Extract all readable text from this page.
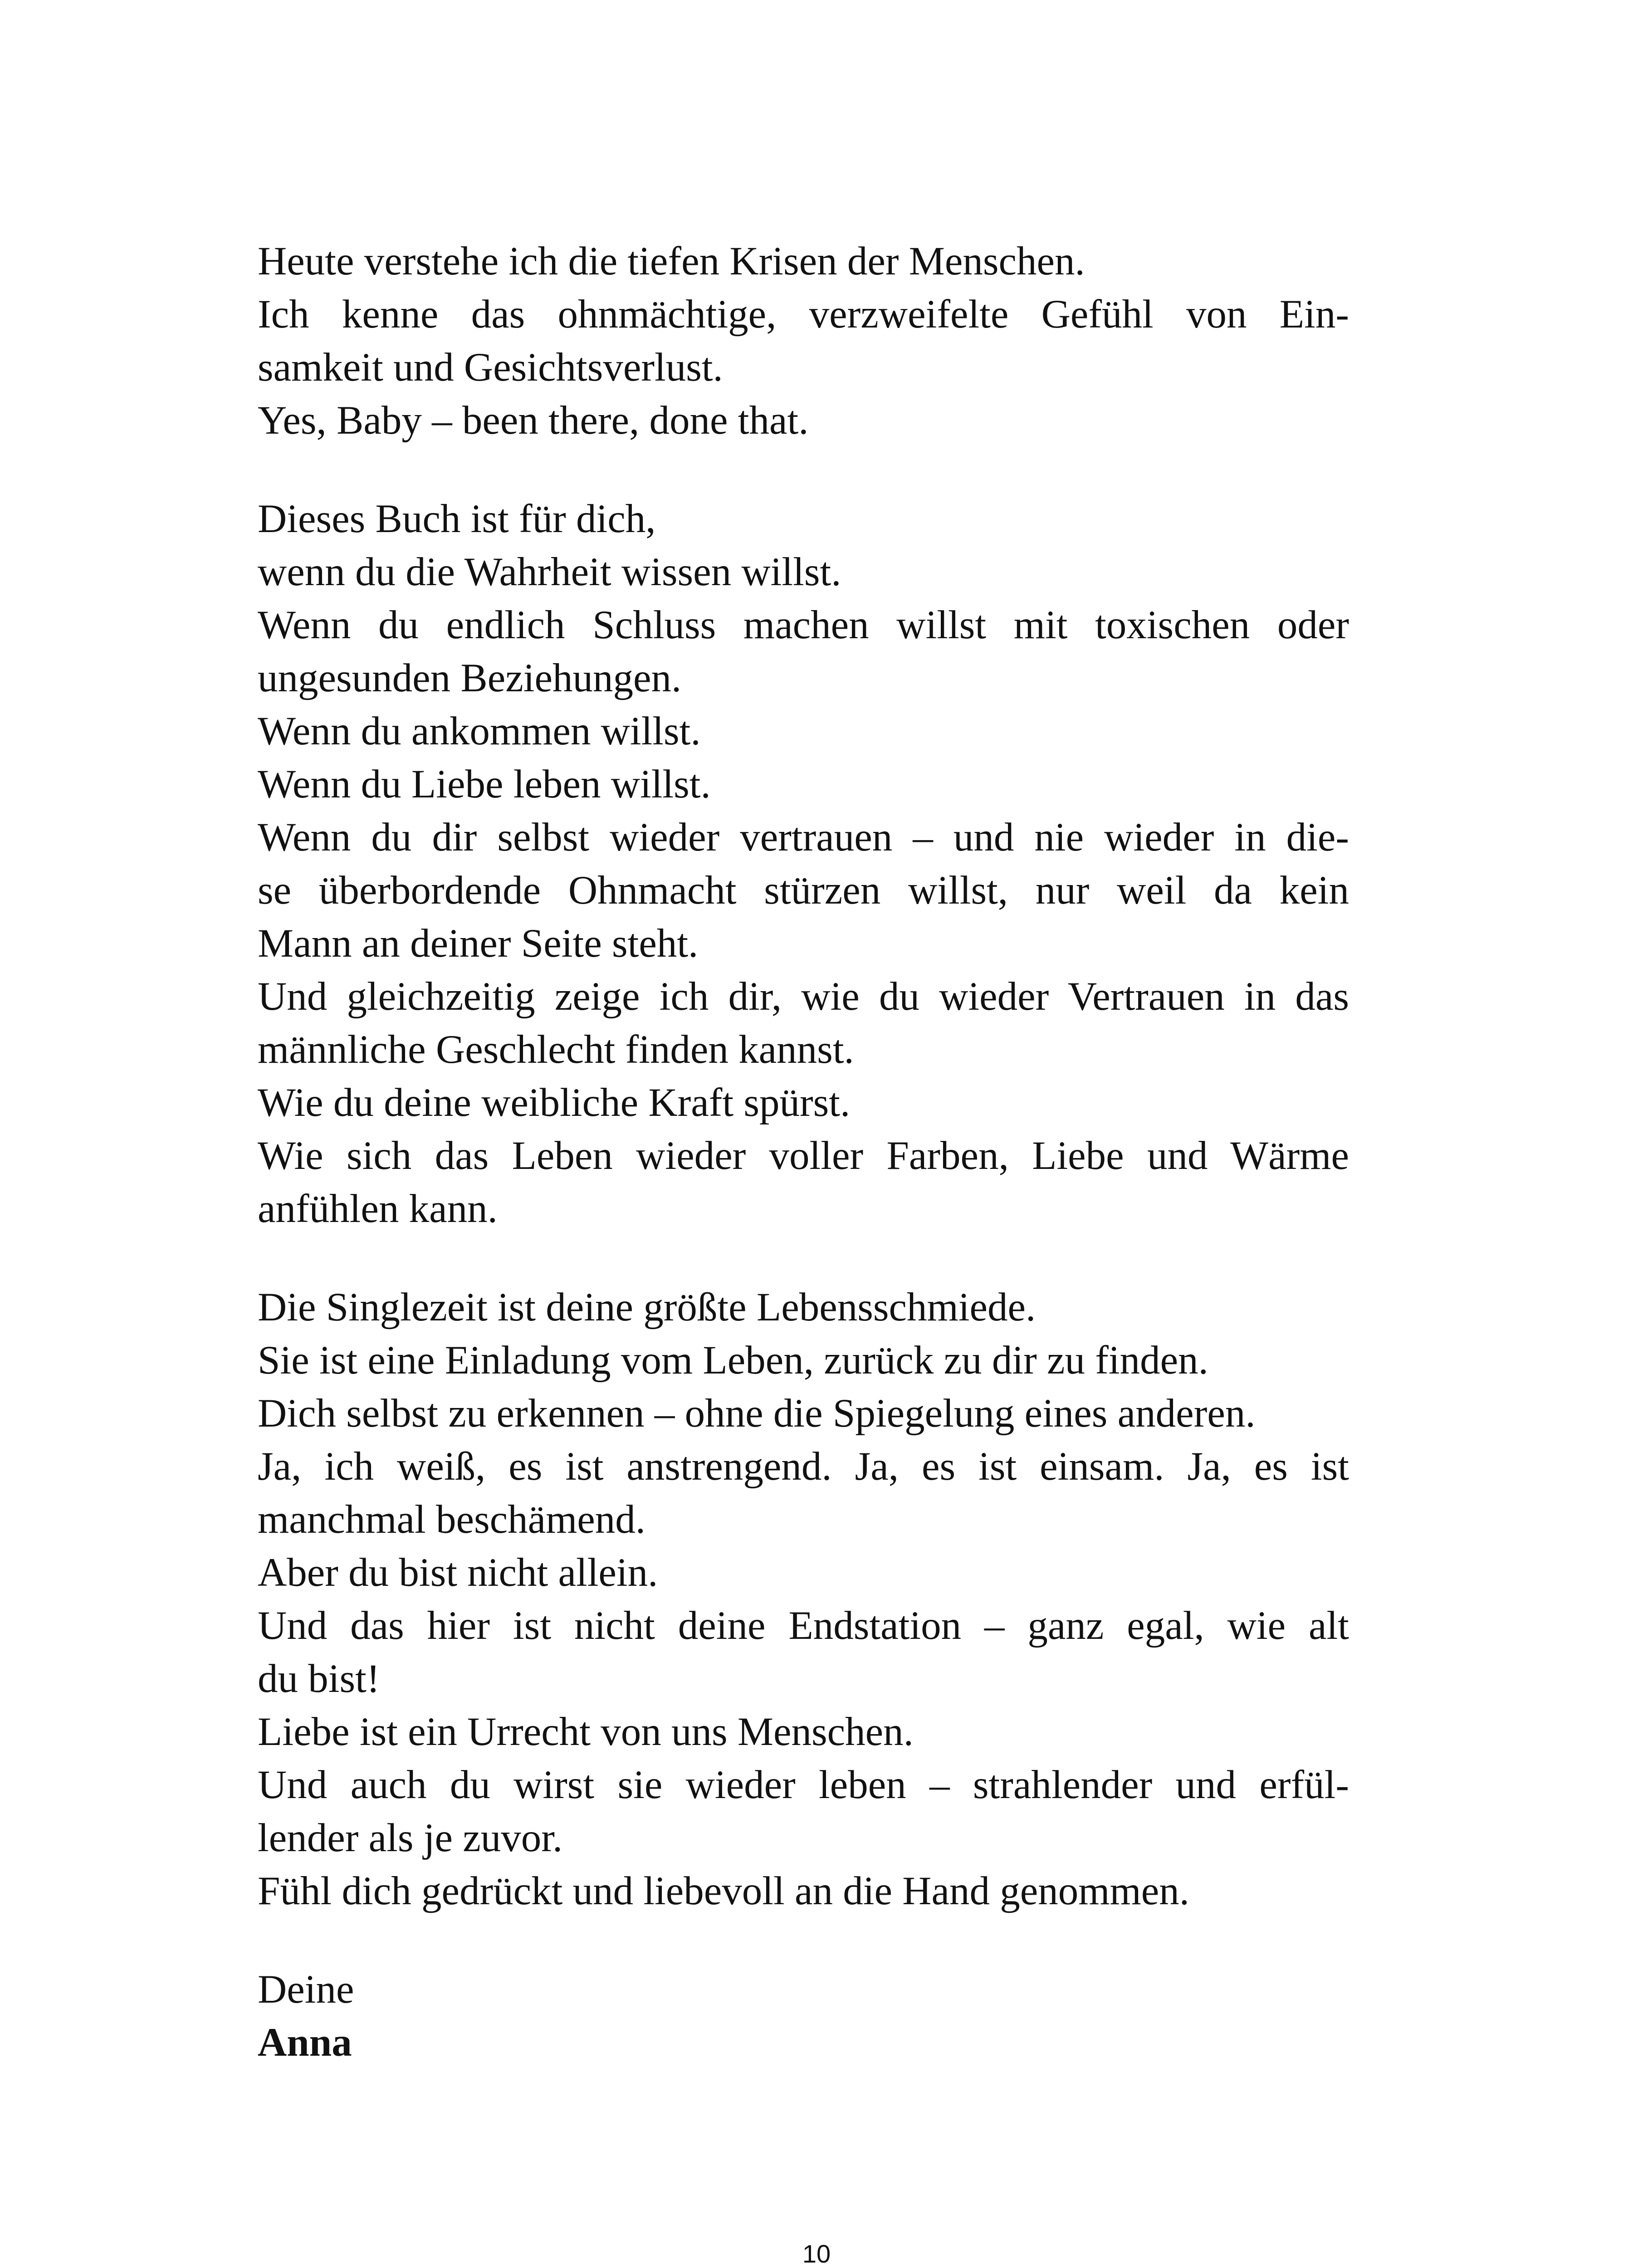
Heute verstehe ich die tiefen Krisen der Menschen.
Ich kenne das ohnmächtige, verzweifelte Gefühl von Ein-
samkeit und Gesichtsverlust.
Yes, Baby – been there, done that.
Dieses Buch ist für dich,
wenn du die Wahrheit wissen willst.
Wenn du endlich Schluss machen willst mit toxischen oder
ungesunden Beziehungen.
Wenn du ankommen willst.
Wenn du Liebe leben willst.
Wenn du dir selbst wieder vertrauen – und nie wieder in die-
se überbordende Ohnmacht stürzen willst, nur weil da kein
Mann an deiner Seite steht.
Und gleichzeitig zeige ich dir, wie du wieder Vertrauen in das
männliche Geschlecht finden kannst.
Wie du deine weibliche Kraft spürst.
Wie sich das Leben wieder voller Farben, Liebe und Wärme
anfühlen kann.
Die Singlezeit ist deine größte Lebensschmiede.
Sie ist eine Einladung vom Leben, zurück zu dir zu finden.
Dich selbst zu erkennen – ohne die Spiegelung eines anderen.
Ja, ich weiß, es ist anstrengend. Ja, es ist einsam. Ja, es ist
manchmal beschämend.
Aber du bist nicht allein.
Und das hier ist nicht deine Endstation – ganz egal, wie alt
du bist!
Liebe ist ein Urrecht von uns Menschen.
Und auch du wirst sie wieder leben – strahlender und erfül-
lender als je zuvor.
Fühl dich gedrückt und liebevoll an die Hand genommen.
Deine
Anna
10
